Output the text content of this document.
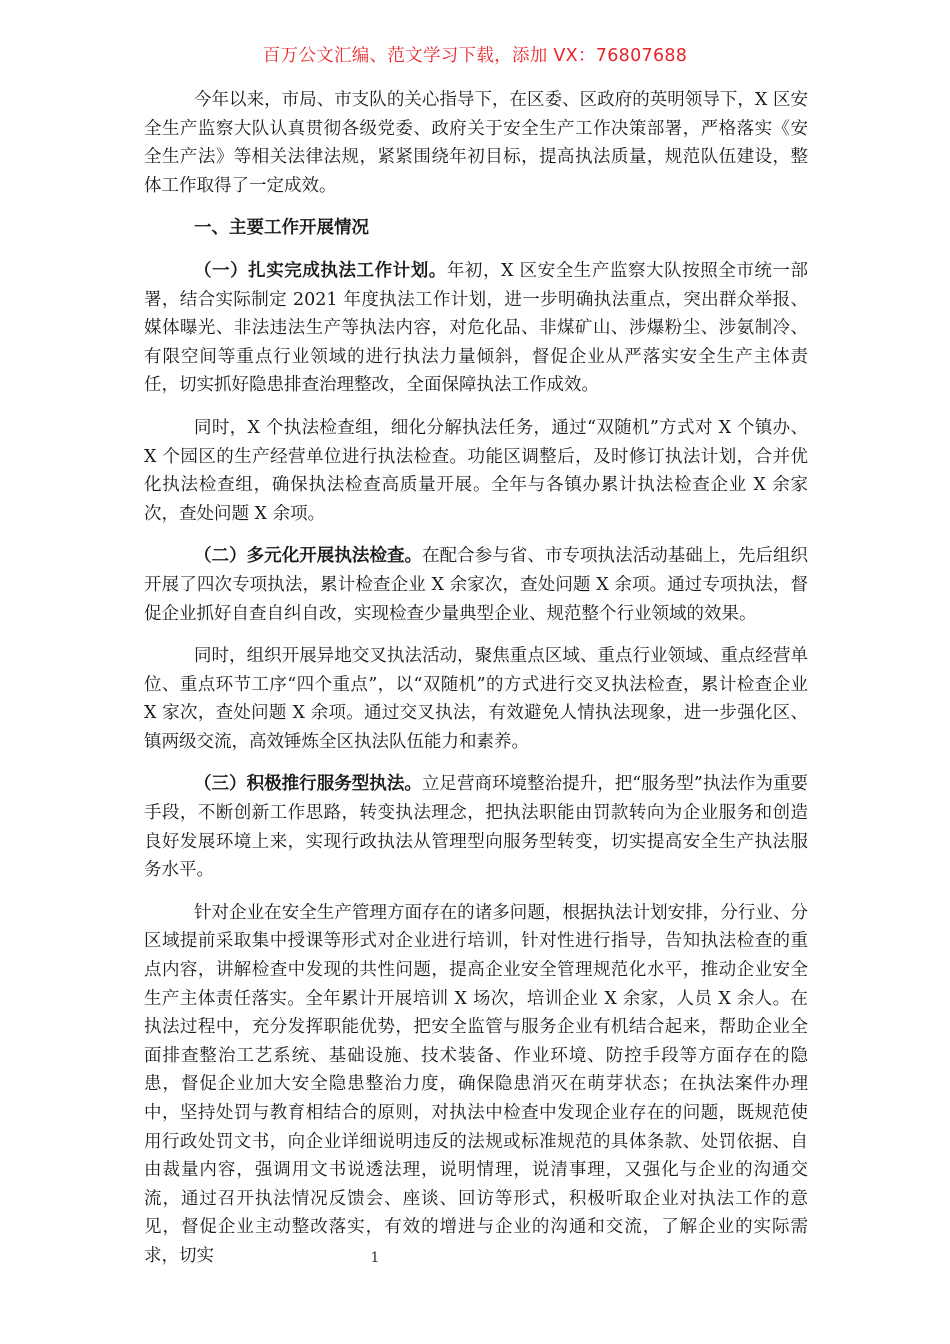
百万公文汇编、范文学习下载，添加 VX：76807688

今年以来，市局、市支队的关心指导下，在区委、区政府的英明领导下，X 区安全生产监察大队认真贯彻各级党委、政府关于安全生产工作决策部署，严格落实《安全生产法》等相关法律法规，紧紧围绕年初目标，提高执法质量，规范队伍建设，整体工作取得了一定成效。

一、主要工作开展情况

（一）扎实完成执法工作计划。年初，X 区安全生产监察大队按照全市统一部署，结合实际制定 2021 年度执法工作计划，进一步明确执法重点，突出群众举报、媒体曝光、非法违法生产等执法内容，对危化品、非煤矿山、涉爆粉尘、涉氨制冷、有限空间等重点行业领域的进行执法力量倾斜，督促企业从严落实安全生产主体责任，切实抓好隐患排查治理整改，全面保障执法工作成效。

同时，X 个执法检查组，细化分解执法任务，通过“双随机”方式对 X 个镇办、X 个园区的生产经营单位进行执法检查。功能区调整后，及时修订执法计划，合并优化执法检查组，确保执法检查高质量开展。全年与各镇办累计执法检查企业 X 余家次，查处问题 X 余项。

（二）多元化开展执法检查。在配合参与省、市专项执法活动基础上，先后组织开展了四次专项执法，累计检查企业 X 余家次，查处问题 X 余项。通过专项执法，督促企业抓好自查自纠自改，实现检查少量典型企业、规范整个行业领域的效果。

同时，组织开展异地交叉执法活动，聚焦重点区域、重点行业领域、重点经营单位、重点环节工序“四个重点”，以“双随机”的方式进行交叉执法检查，累计检查企业 X 家次，查处问题 X 余项。通过交叉执法，有效避免人情执法现象，进一步强化区、镇两级交流，高效锤炼全区执法队伍能力和素养。

（三）积极推行服务型执法。立足营商环境整治提升，把“服务型”执法作为重要手段，不断创新工作思路，转变执法理念，把执法职能由罚款转向为企业服务和创造良好发展环境上来，实现行政执法从管理型向服务型转变，切实提高安全生产执法服务水平。

针对企业在安全生产管理方面存在的诸多问题，根据执法计划安排，分行业、分区域提前采取集中授课等形式对企业进行培训，针对性进行指导，告知执法检查的重点内容，讲解检查中发现的共性问题，提高企业安全管理规范化水平，推动企业安全生产主体责任落实。全年累计开展培训 X 场次，培训企业 X 余家，人员 X 余人。在执法过程中，充分发挥职能优势，把安全监管与服务企业有机结合起来，帮助企业全面排查整治工艺系统、基础设施、技术装备、作业环境、防控手段等方面存在的隐患，督促企业加大安全隐患整治力度，确保隐患消灭在萌芽状态；在执法案件办理中，坚持处罚与教育相结合的原则，对执法中检查中发现企业存在的问题，既规范使用行政处罚文书，向企业详细说明违反的法规或标准规范的具体条款、处罚依据、自由裁量内容，强调用文书说透法理，说明情理，说清事理，又强化与企业的沟通交流，通过召开执法情况反馈会、座谈、回访等形式，积极听取企业对执法工作的意见，督促企业主动整改落实，有效的增进与企业的沟通和交流，了解企业的实际需求，切实	1
